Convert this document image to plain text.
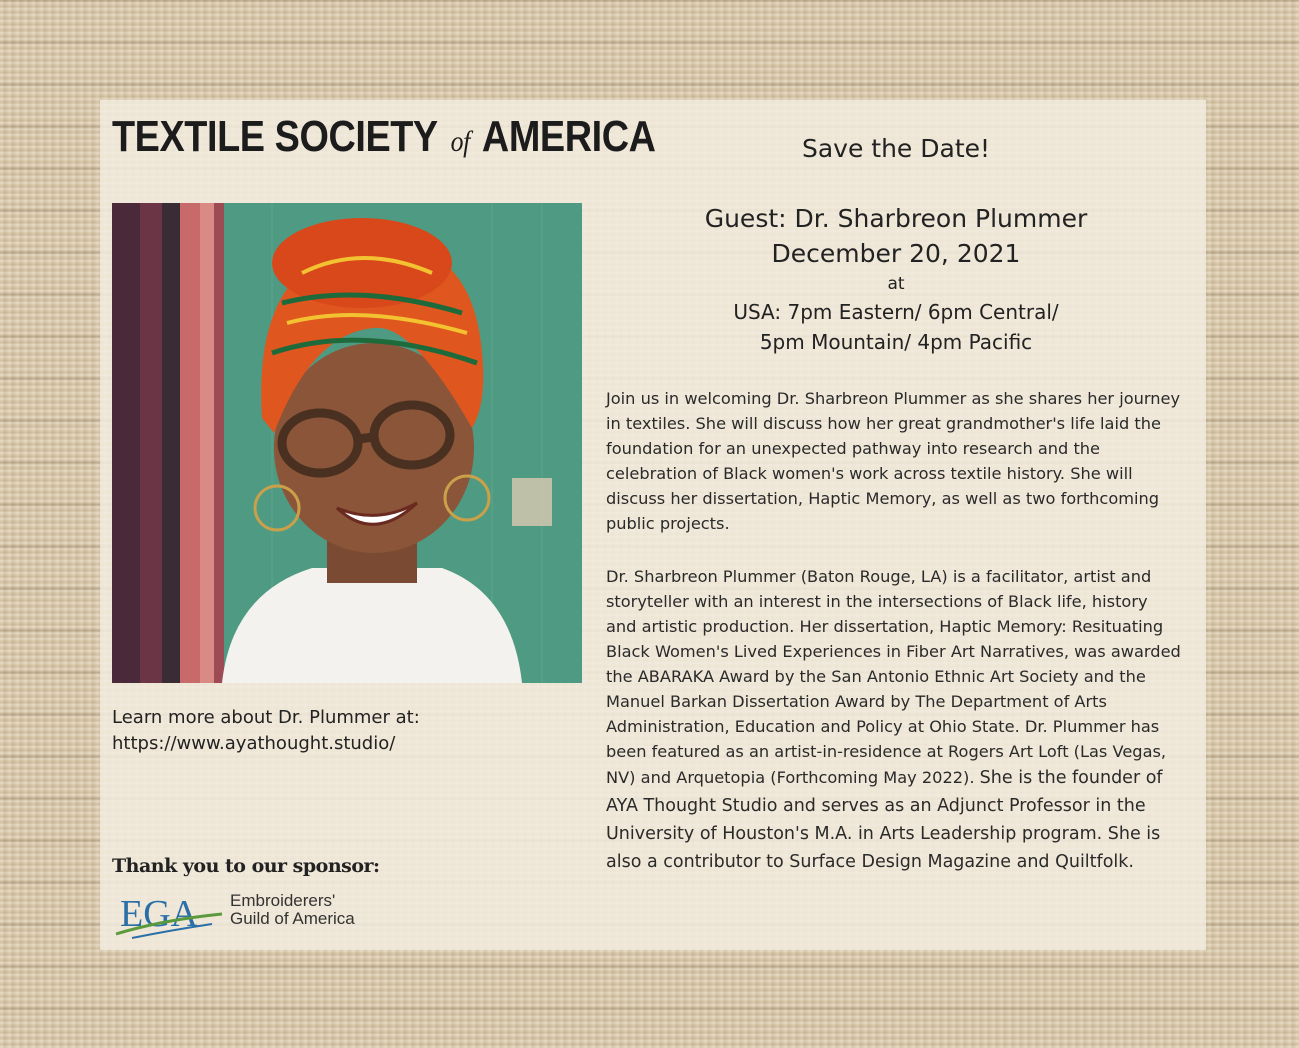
TEXTILE SOCIETY of AMERICA
Learn more about Dr. Plummer at:
https://www.ayathought.studio/
Thank you to our sponsor:
EGA Embroiderers'
Guild of America
Save the Date!
Guest: Dr. Sharbreon Plummer
December 20, 2021
at
USA: 7pm Eastern/ 6pm Central/
5pm Mountain/ 4pm Pacific
Join us in welcoming Dr. Sharbreon Plummer as she shares her journey in textiles. She will discuss how her great grandmother's life laid the foundation for an unexpected pathway into research and the celebration of Black women's work across textile history. She will discuss her dissertation, Haptic Memory, as well as two forthcoming public projects.
Dr. Sharbreon Plummer (Baton Rouge, LA) is a facilitator, artist and storyteller with an interest in the intersections of Black life, history and artistic production. Her dissertation, Haptic Memory: Resituating Black Women's Lived Experiences in Fiber Art Narratives, was awarded the ABARAKA Award by the San Antonio Ethnic Art Society and the Manuel Barkan Dissertation Award by The Department of Arts Administration, Education and Policy at Ohio State. Dr. Plummer has been featured as an artist-in-residence at Rogers Art Loft (Las Vegas, NV) and Arquetopia (Forthcoming May 2022). She is the founder of AYA Thought Studio and serves as an Adjunct Professor in the University of Houston's M.A. in Arts Leadership program. She is also a contributor to Surface Design Magazine and Quiltfolk.
